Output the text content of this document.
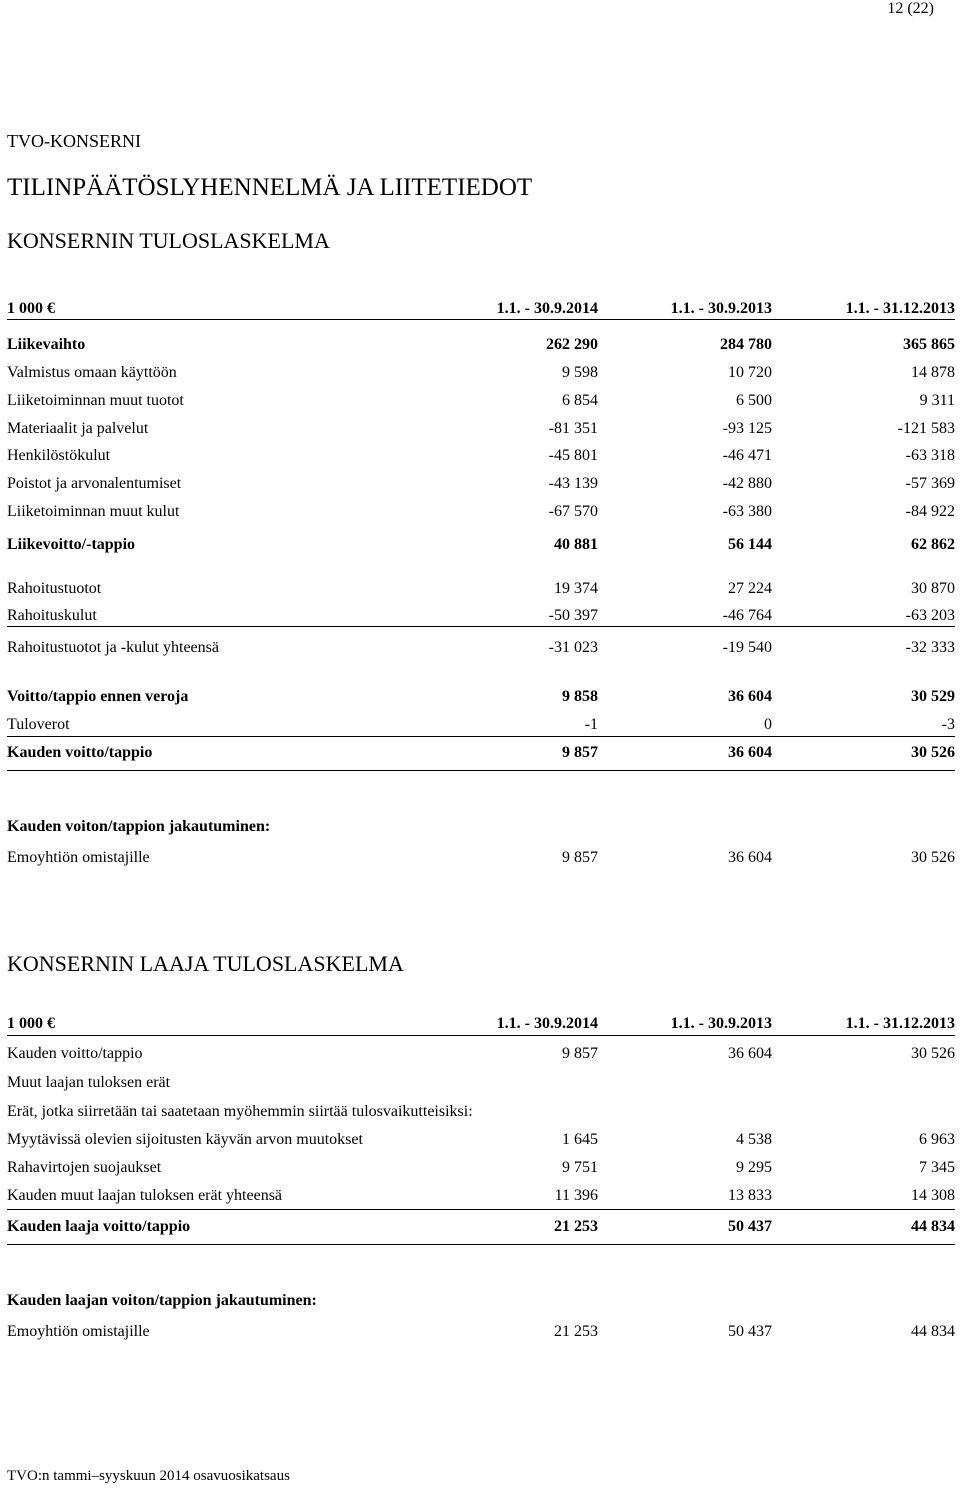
12 (22)
TVO-KONSERNI
TILINPÄÄTÖSLYHENNELMÄ JA LIITETIEDOT
KONSERNIN TULOSLASKELMA
1 000 €	1.1. - 30.9.2014	1.1. - 30.9.2013	1.1. - 31.12.2013
Liikevaihto	262 290	284 780	365 865
Valmistus omaan käyttöön	9 598	10 720	14 878
Liiketoiminnan muut tuotot	6 854	6 500	9 311
Materiaalit ja palvelut	-81 351	-93 125	-121 583
Henkilöstökulut	-45 801	-46 471	-63 318
Poistot ja arvonalentumiset	-43 139	-42 880	-57 369
Liiketoiminnan muut kulut	-67 570	-63 380	-84 922
Liikevoitto/-tappio	40 881	56 144	62 862
Rahoitustuotot	19 374	27 224	30 870
Rahoituskulut	-50 397	-46 764	-63 203
Rahoitustuotot ja -kulut yhteensä	-31 023	-19 540	-32 333
Voitto/tappio ennen veroja	9 858	36 604	30 529
Tuloverot	-1	0	-3
Kauden voitto/tappio	9 857	36 604	30 526
Kauden voiton/tappion jakautuminen:
Emoyhtiön omistajille	9 857	36 604	30 526
KONSERNIN LAAJA TULOSLASKELMA
1 000 €	1.1. - 30.9.2014	1.1. - 30.9.2013	1.1. - 31.12.2013
Kauden voitto/tappio	9 857	36 604	30 526
Muut laajan tuloksen erät
Erät, jotka siirretään tai saatetaan myöhemmin siirtää tulosvaikutteisiksi:
Myytävissä olevien sijoitusten käyvän arvon muutokset	1 645	4 538	6 963
Rahavirtojen suojaukset	9 751	9 295	7 345
Kauden muut laajan tuloksen erät yhteensä	11 396	13 833	14 308
Kauden laaja voitto/tappio	21 253	50 437	44 834
Kauden laajan voiton/tappion jakautuminen:
Emoyhtiön omistajille	21 253	50 437	44 834
TVO:n tammi–syyskuun 2014 osavuosikatsaus
